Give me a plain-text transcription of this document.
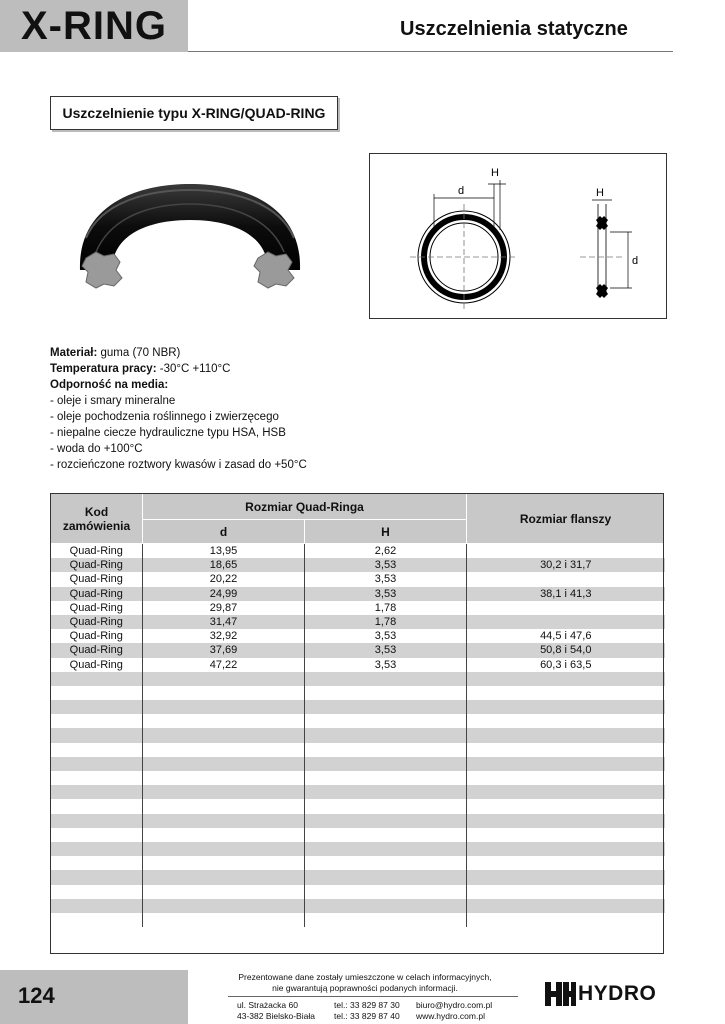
X-RING	Uszczelnienia statyczne
Uszczelnienie typu X-RING/QUAD-RING
d
H
H
d
Materiał: guma (70 NBR)
Temperatura pracy: -30°C +110°C
Odporność na media:
- oleje i smary mineralne
- oleje pochodzenia roślinnego i zwierzęcego
- niepalne ciecze hydrauliczne typu HSA, HSB
- woda do +100°C
- rozcieńczone roztwory kwasów i zasad do +50°C
Kod zamówienia	Rozmiar Quad-Ringa		Rozmiar flanszy
	d	H	
Quad-Ring	13,95	2,62	
Quad-Ring	18,65	3,53	30,2 i 31,7
Quad-Ring	20,22	3,53	
Quad-Ring	24,99	3,53	38,1 i 41,3
Quad-Ring	29,87	1,78	
Quad-Ring	31,47	1,78	
Quad-Ring	32,92	3,53	44,5 i 47,6
Quad-Ring	37,69	3,53	50,8 i 54,0
Quad-Ring	47,22	3,53	60,3 i 63,5

124
Prezentowane dane zostały umieszczone w celach informacyjnych,
nie gwarantują poprawności podanych informacji.
ul. Strażacka 60
43-382 Bielsko-Biała
tel.: 33 829 87 30
tel.: 33 829 87 40
biuro@hydro.com.pl
www.hydro.com.pl
HYDRO
